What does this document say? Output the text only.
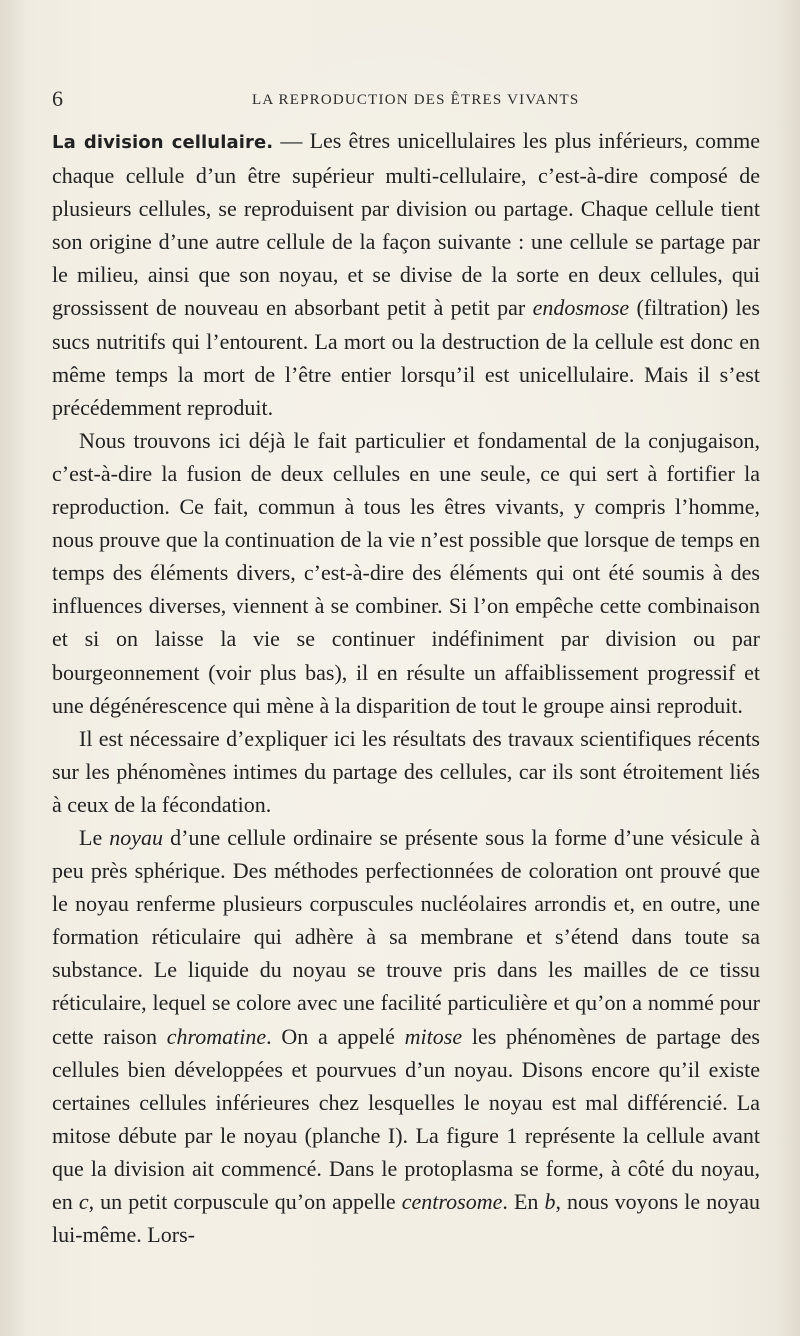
6	LA REPRODUCTION DES ÊTRES VIVANTS

La division cellulaire. — Les êtres unicellulaires les plus inférieurs, comme chaque cellule d’un être supérieur multi-cellulaire, c’est-à-dire composé de plusieurs cellules, se reproduisent par division ou partage. Chaque cellule tient son origine d’une autre cellule de la façon suivante : une cellule se partage par le milieu, ainsi que son noyau, et se divise de la sorte en deux cellules, qui grossissent de nouveau en absorbant petit à petit par endosmose (filtration) les sucs nutritifs qui l’entourent. La mort ou la destruction de la cellule est donc en même temps la mort de l’être entier lorsqu’il est unicellulaire. Mais il s’est précédemment reproduit.

Nous trouvons ici déjà le fait particulier et fondamental de la conjugaison, c’est-à-dire la fusion de deux cellules en une seule, ce qui sert à fortifier la reproduction. Ce fait, commun à tous les êtres vivants, y compris l’homme, nous prouve que la continuation de la vie n’est possible que lorsque de temps en temps des éléments divers, c’est-à-dire des éléments qui ont été soumis à des influences diverses, viennent à se combiner. Si l’on empêche cette combinaison et si on laisse la vie se continuer indéfiniment par division ou par bourgeonnement (voir plus bas), il en résulte un affaiblissement progressif et une dégénérescence qui mène à la disparition de tout le groupe ainsi reproduit.

Il est nécessaire d’expliquer ici les résultats des travaux scientifiques récents sur les phénomènes intimes du partage des cellules, car ils sont étroitement liés à ceux de la fécondation.

Le noyau d’une cellule ordinaire se présente sous la forme d’une vésicule à peu près sphérique. Des méthodes perfectionnées de coloration ont prouvé que le noyau renferme plusieurs corpuscules nucléolaires arrondis et, en outre, une formation réticulaire qui adhère à sa membrane et s’étend dans toute sa substance. Le liquide du noyau se trouve pris dans les mailles de ce tissu réticulaire, lequel se colore avec une facilité particulière et qu’on a nommé pour cette raison chromatine. On a appelé mitose les phénomènes de partage des cellules bien développées et pourvues d’un noyau. Disons encore qu’il existe certaines cellules inférieures chez lesquelles le noyau est mal différencié. La mitose débute par le noyau (planche I). La figure 1 représente la cellule avant que la division ait commencé. Dans le protoplasma se forme, à côté du noyau, en c, un petit corpuscule qu’on appelle centrosome. En b, nous voyons le noyau lui-même. Lors-
